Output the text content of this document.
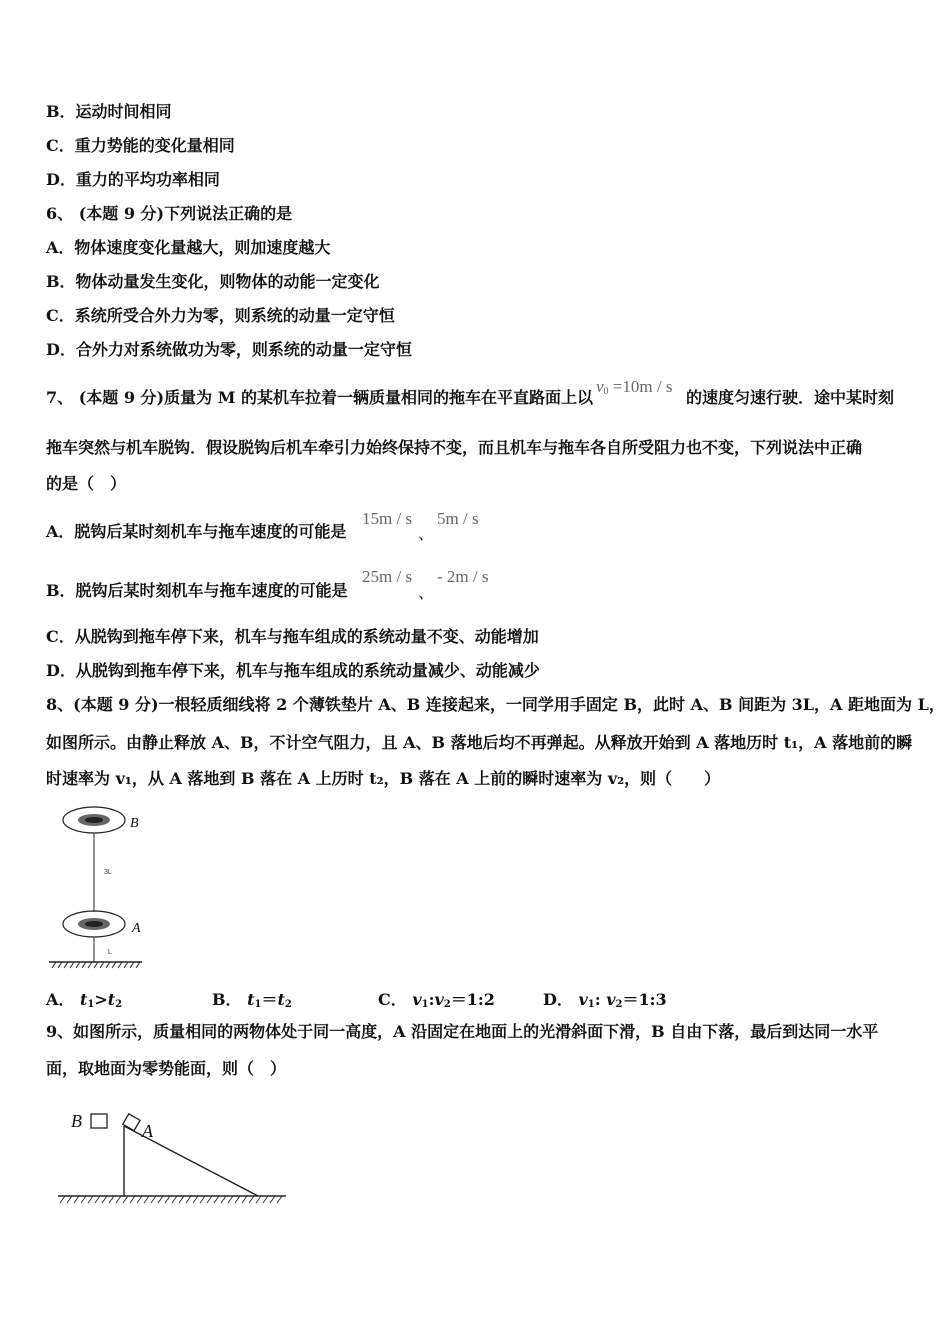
B．运动时间相同
C．重力势能的变化量相同
D．重力的平均功率相同
6、 (本题 9 分)下列说法正确的是
A．物体速度变化量越大，则加速度越大
B．物体动量发生变化，则物体的动能一定变化
C．系统所受合外力为零，则系统的动量一定守恒
D．合外力对系统做功为零，则系统的动量一定守恒
7、 (本题 9 分)质量为 M 的某机车拉着一辆质量相同的拖车在平直路面上以
$v_0 =10m / s$
的速度匀速行驶．途中某时刻
拖车突然与机车脱钩．假设脱钩后机车牵引力始终保持不变，而且机车与拖车各自所受阻力也不变，下列说法中正确
的是（　）
A．脱钩后某时刻机车与拖车速度的可能是
15m / s
、
5m / s
B．脱钩后某时刻机车与拖车速度的可能是
25m / s
、
- 2m / s
C．从脱钩到拖车停下来，机车与拖车组成的系统动量不变、动能增加
D．从脱钩到拖车停下来，机车与拖车组成的系统动量减少、动能减少
8、(本题 9 分)一根轻质细线将 2 个薄铁垫片 A、B 连接起来，一同学用手固定 B，此时 A、B 间距为 3L，A 距地面为 L，
如图所示。由静止释放 A、B，不计空气阻力，且 A、B 落地后均不再弹起。从释放开始到 A 落地历时 t₁，A 落地前的瞬
时速率为 v₁，从 A 落地到 B 落在 A 上历时 t₂，B 落在 A 上前的瞬时速率为 v₂，则（　　）
3L
L
B
A
A． $t_1>t_2$	B． $t_1=t_2$	C． $v_1:v_2=1:2$	D． $v_1$: $v_2=1:3$
9、如图所示，质量相同的两物体处于同一高度，A 沿固定在地面上的光滑斜面下滑，B 自由下落，最后到达同一水平
面，取地面为零势能面，则（　）
B	A
